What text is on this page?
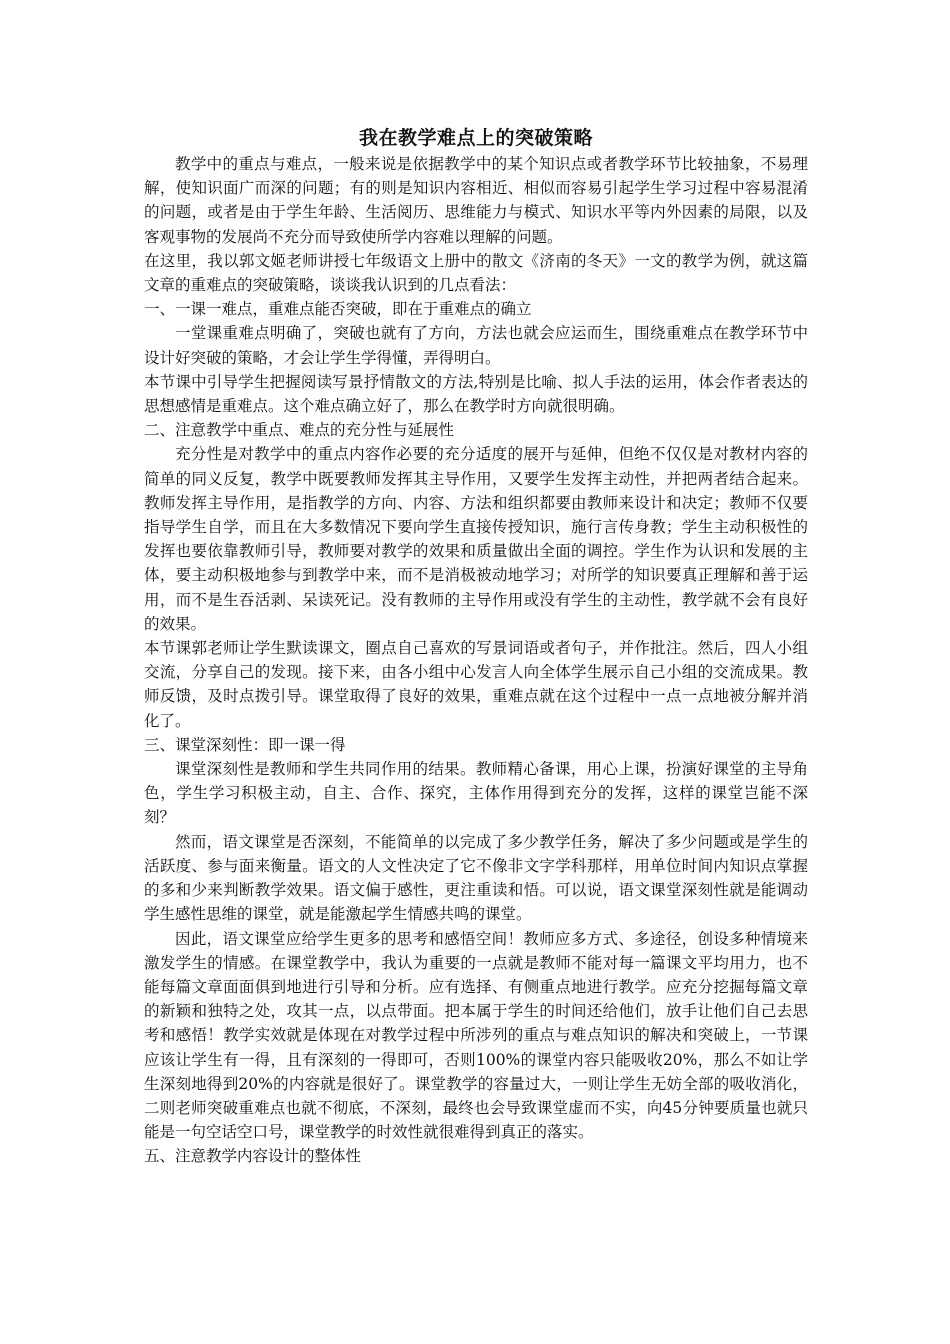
我在教学难点上的突破策略

教学中的重点与难点，一般来说是依据教学中的某个知识点或者教学环节比较抽象，不易理解，使知识面广而深的问题；有的则是知识内容相近、相似而容易引起学生学习过程中容易混淆的问题，或者是由于学生年龄、生活阅历、思维能力与模式、知识水平等内外因素的局限，以及客观事物的发展尚不充分而导致使所学内容难以理解的问题。

在这里，我以郭文姬老师讲授七年级语文上册中的散文《济南的冬天》一文的教学为例，就这篇文章的重难点的突破策略，谈谈我认识到的几点看法：

一、一课一难点，重难点能否突破，即在于重难点的确立

一堂课重难点明确了，突破也就有了方向，方法也就会应运而生，围绕重难点在教学环节中设计好突破的策略，才会让学生学得懂，弄得明白。

本节课中引导学生把握阅读写景抒情散文的方法,特别是比喻、拟人手法的运用，体会作者表达的思想感情是重难点。这个难点确立好了，那么在教学时方向就很明确。

二、注意教学中重点、难点的充分性与延展性

充分性是对教学中的重点内容作必要的充分适度的展开与延伸，但绝不仅仅是对教材内容的简单的同义反复，教学中既要教师发挥其主导作用，又要学生发挥主动性，并把两者结合起来。教师发挥主导作用，是指教学的方向、内容、方法和组织都要由教师来设计和决定；教师不仅要指导学生自学，而且在大多数情况下要向学生直接传授知识，施行言传身教；学生主动积极性的发挥也要依靠教师引导，教师要对教学的效果和质量做出全面的调控。学生作为认识和发展的主体，要主动积极地参与到教学中来，而不是消极被动地学习；对所学的知识要真正理解和善于运用，而不是生吞活剥、呆读死记。没有教师的主导作用或没有学生的主动性，教学就不会有良好的效果。

本节课郭老师让学生默读课文，圈点自己喜欢的写景词语或者句子，并作批注。然后，四人小组交流，分享自己的发现。接下来，由各小组中心发言人向全体学生展示自己小组的交流成果。教师反馈，及时点拨引导。课堂取得了良好的效果，重难点就在这个过程中一点一点地被分解并消化了。

三、课堂深刻性：即一课一得

课堂深刻性是教师和学生共同作用的结果。教师精心备课，用心上课，扮演好课堂的主导角色，学生学习积极主动，自主、合作、探究，主体作用得到充分的发挥，这样的课堂岂能不深刻？

然而，语文课堂是否深刻，不能简单的以完成了多少教学任务，解决了多少问题或是学生的活跃度、参与面来衡量。语文的人文性决定了它不像非文字学科那样，用单位时间内知识点掌握的多和少来判断教学效果。语文偏于感性，更注重读和悟。可以说，语文课堂深刻性就是能调动学生感性思维的课堂，就是能激起学生情感共鸣的课堂。

因此，语文课堂应给学生更多的思考和感悟空间！教师应多方式、多途径，创设多种情境来激发学生的情感。在课堂教学中，我认为重要的一点就是教师不能对每一篇课文平均用力，也不能每篇文章面面俱到地进行引导和分析。应有选择、有侧重点地进行教学。应充分挖掘每篇文章的新颖和独特之处，攻其一点，以点带面。把本属于学生的时间还给他们，放手让他们自己去思考和感悟！教学实效就是体现在对教学过程中所涉列的重点与难点知识的解决和突破上，一节课应该让学生有一得，且有深刻的一得即可，否则100%的课堂内容只能吸收20%，那么不如让学生深刻地得到20%的内容就是很好了。课堂教学的容量过大，一则让学生无妨全部的吸收消化，二则老师突破重难点也就不彻底，不深刻，最终也会导致课堂虚而不实，向45分钟要质量也就只能是一句空话空口号，课堂教学的时效性就很难得到真正的落实。

五、注意教学内容设计的整体性
